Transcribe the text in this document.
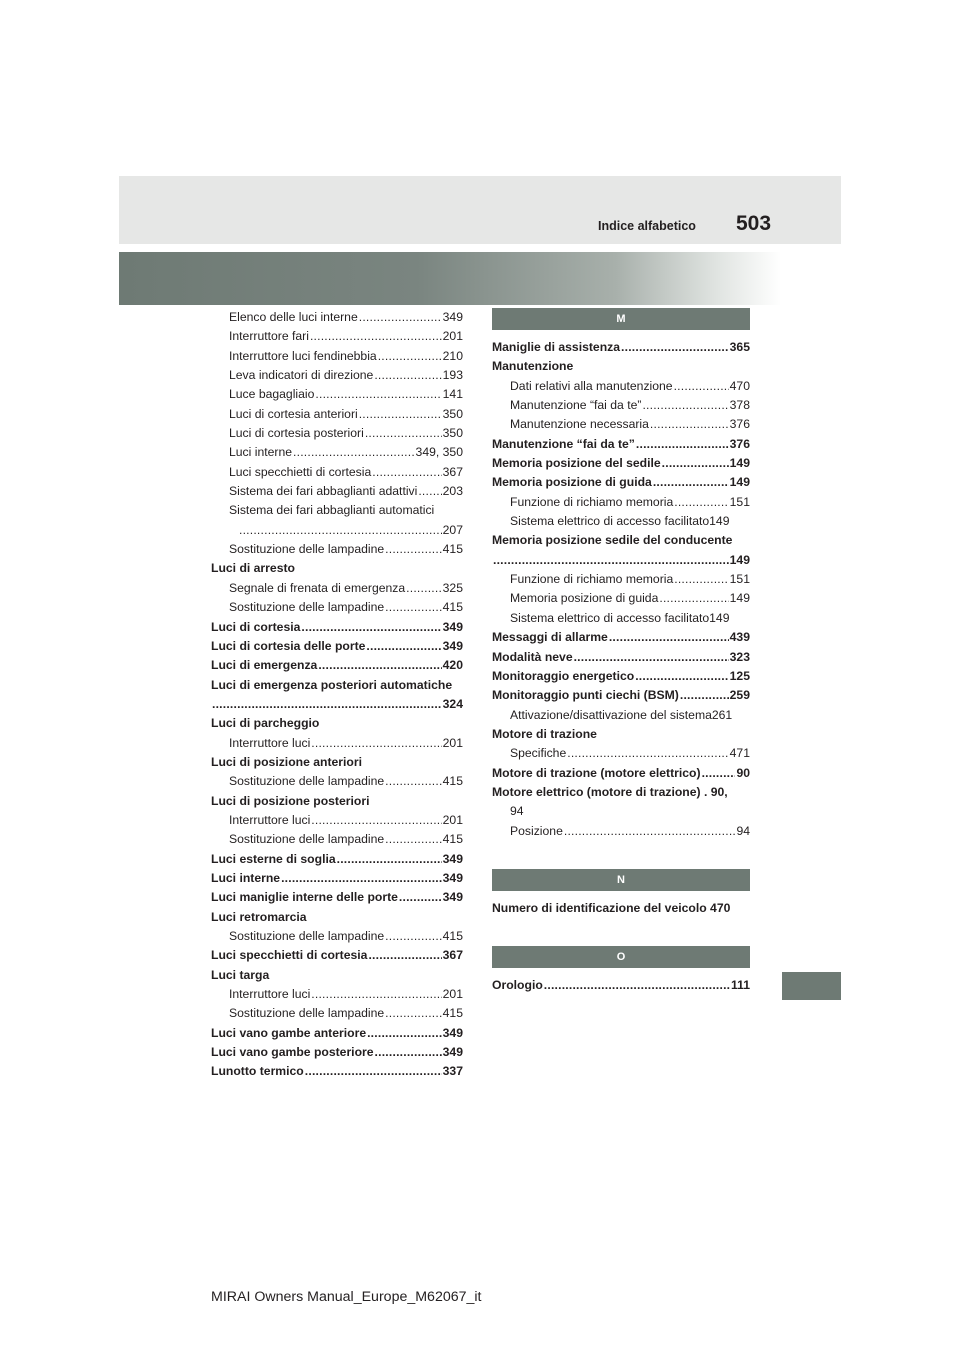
Indice alfabetico 503
Elenco delle luci interne .....	349
Interruttore fari .....	201
Interruttore luci fendinebbia .....	210
Leva indicatori di direzione .....	193
Luce bagagliaio .....	141
Luci di cortesia anteriori .....	350
Luci di cortesia posteriori .....	350
Luci interne .....	349, 350
Luci specchietti di cortesia .....	367
Sistema dei fari abbaglianti adattivi ..... 203
Sistema dei fari abbaglianti automatici
.....
207
Sostituzione delle lampadine .....	415
Luci di arresto
Segnale di frenata di emergenza .....	325
Sostituzione delle lampadine .....	415
Luci di cortesia .....	349
Luci di cortesia delle porte .....	349
Luci di emergenza .....	420
Luci di emergenza posteriori automatiche
.....
324
Luci di parcheggio
Interruttore luci .....	201
Luci di posizione anteriori
Sostituzione delle lampadine .....	415
Luci di posizione posteriori
Interruttore luci .....	201
Sostituzione delle lampadine .....	415
Luci esterne di soglia .....	349
Luci interne .....	349
Luci maniglie interne delle porte .....	349
Luci retromarcia
Sostituzione delle lampadine .....	415
Luci specchietti di cortesia .....	367
Luci targa
Interruttore luci .....	201
Sostituzione delle lampadine .....	415
Luci vano gambe anteriore .....	349
Luci vano gambe posteriore .....	349
Lunotto termico .....	337
M
Maniglie di assistenza .....	365
Manutenzione
Dati relativi alla manutenzione .....	470
Manutenzione “fai da te” .....	378
Manutenzione necessaria .....	376
Manutenzione “fai da te” .....	376
Memoria posizione del sedile .....	149
Memoria posizione di guida .....	149
Funzione di richiamo memoria .....	151
Sistema elettrico di accesso facilitato149
Memoria posizione sedile del conducente
.....
149
Funzione di richiamo memoria .....	151
Memoria posizione di guida .....	149
Sistema elettrico di accesso facilitato149
Messaggi di allarme .....	439
Modalità neve .....	323
Monitoraggio energetico .....	125
Monitoraggio punti ciechi (BSM) .....	259
Attivazione/disattivazione del sistema261
Motore di trazione
Specifiche .....	471
Motore di trazione (motore elettrico) .....	90
Motore elettrico (motore di trazione) . 90,
94
Posizione .....	94
N
Numero di identificazione del veicolo 470
O
Orologio .....	111
MIRAI Owners Manual_Europe_M62067_it
